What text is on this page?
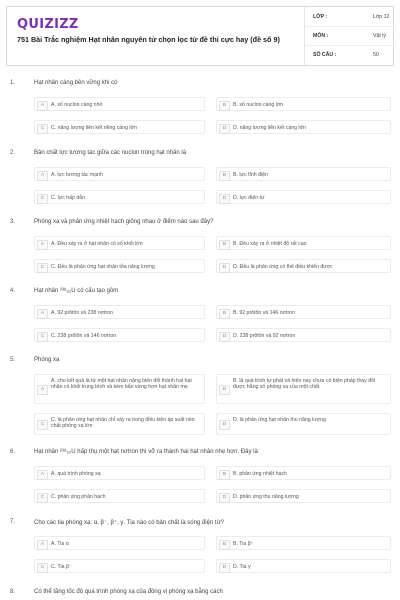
QUIZIZZ
751 Bài Trắc nghiệm Hạt nhân nguyên tử chọn lọc từ đề thi cực hay (đề số 9)
LỚP :	Lớp 12
MÔN :	Vật lý
SỐ CÂU :	50
1.	Hạt nhân càng bền vững khi có
A	A. số nuclon càng nhỏ	B	B. số nuclon càng lớn
C	C. năng lượng liên kết riêng càng lớn	D	D. năng lượng liên kết càng lớn
2.	Bản chất lực tương tác giữa các nuclon trong hạt nhân là
A	A. lực tương tác mạnh	B	B. lực tĩnh điện
C	C. lực hấp dẫn	D	D. lực điện từ
3.	Phóng xạ và phản ứng nhiệt hạch giống nhau ở điểm nào sau đây?
A	A. Đều xảy ra ở hạt nhân có số khối lớn	B	B. Đều xảy ra ở nhiệt độ rất cao
C	C. Đều là phản ứng hạt nhân tỏa năng lượng	D	D. Đều là phản ứng có thể điều khiển được
4.	Hạt nhân ²³⁸₉₂U có cấu tạo gồm
A	A. 92 prôtôn và 238 nơtron	B	B. 92 prôtôn và 146 nơtron
C	C. 238 prôtôn và 146 nơtron	D	D. 238 prôtôn và 92 nơtron
5.	Phóng xạ
A
A. cho kết quả là từ một hạt nhân nặng biến đổi thành hai hạt nhân có khối trung bình và kèm bắn vừng hơn hạt nhân mẹ	B
B. là quá trình tự phát và hiện nay chưa có biện pháp thay đổi được hằng số phóng xạ của một chất
C
C. là phản ứng hạt nhân chỉ xảy ra trong điều kiện áp suất nén chất phóng xạ lớn	D
D. là phản ứng hạt nhân thu năng lượng
6.	Hạt nhân ²³⁸₉₂U hấp thụ một hạt nơtron thì vỡ ra thành hai hạt nhân nhẹ hơn. Đây là
A	A. quá trình phóng xạ	B	B. phản ứng nhiệt hạch
C	C. phản ứng phân hạch	D	D. phản ứng thu năng lượng
7.	Cho các tia phóng xạ: α, β⁻, β⁺, γ. Tia nào có bản chất là sóng điện từ?
A	A. Tia α	B	B. Tia β⁺
C	C. Tia β⁻	D	D. Tia γ
8.	Có thể tăng tốc độ quá trình phóng xạ của đồng vị phóng xạ bằng cách
